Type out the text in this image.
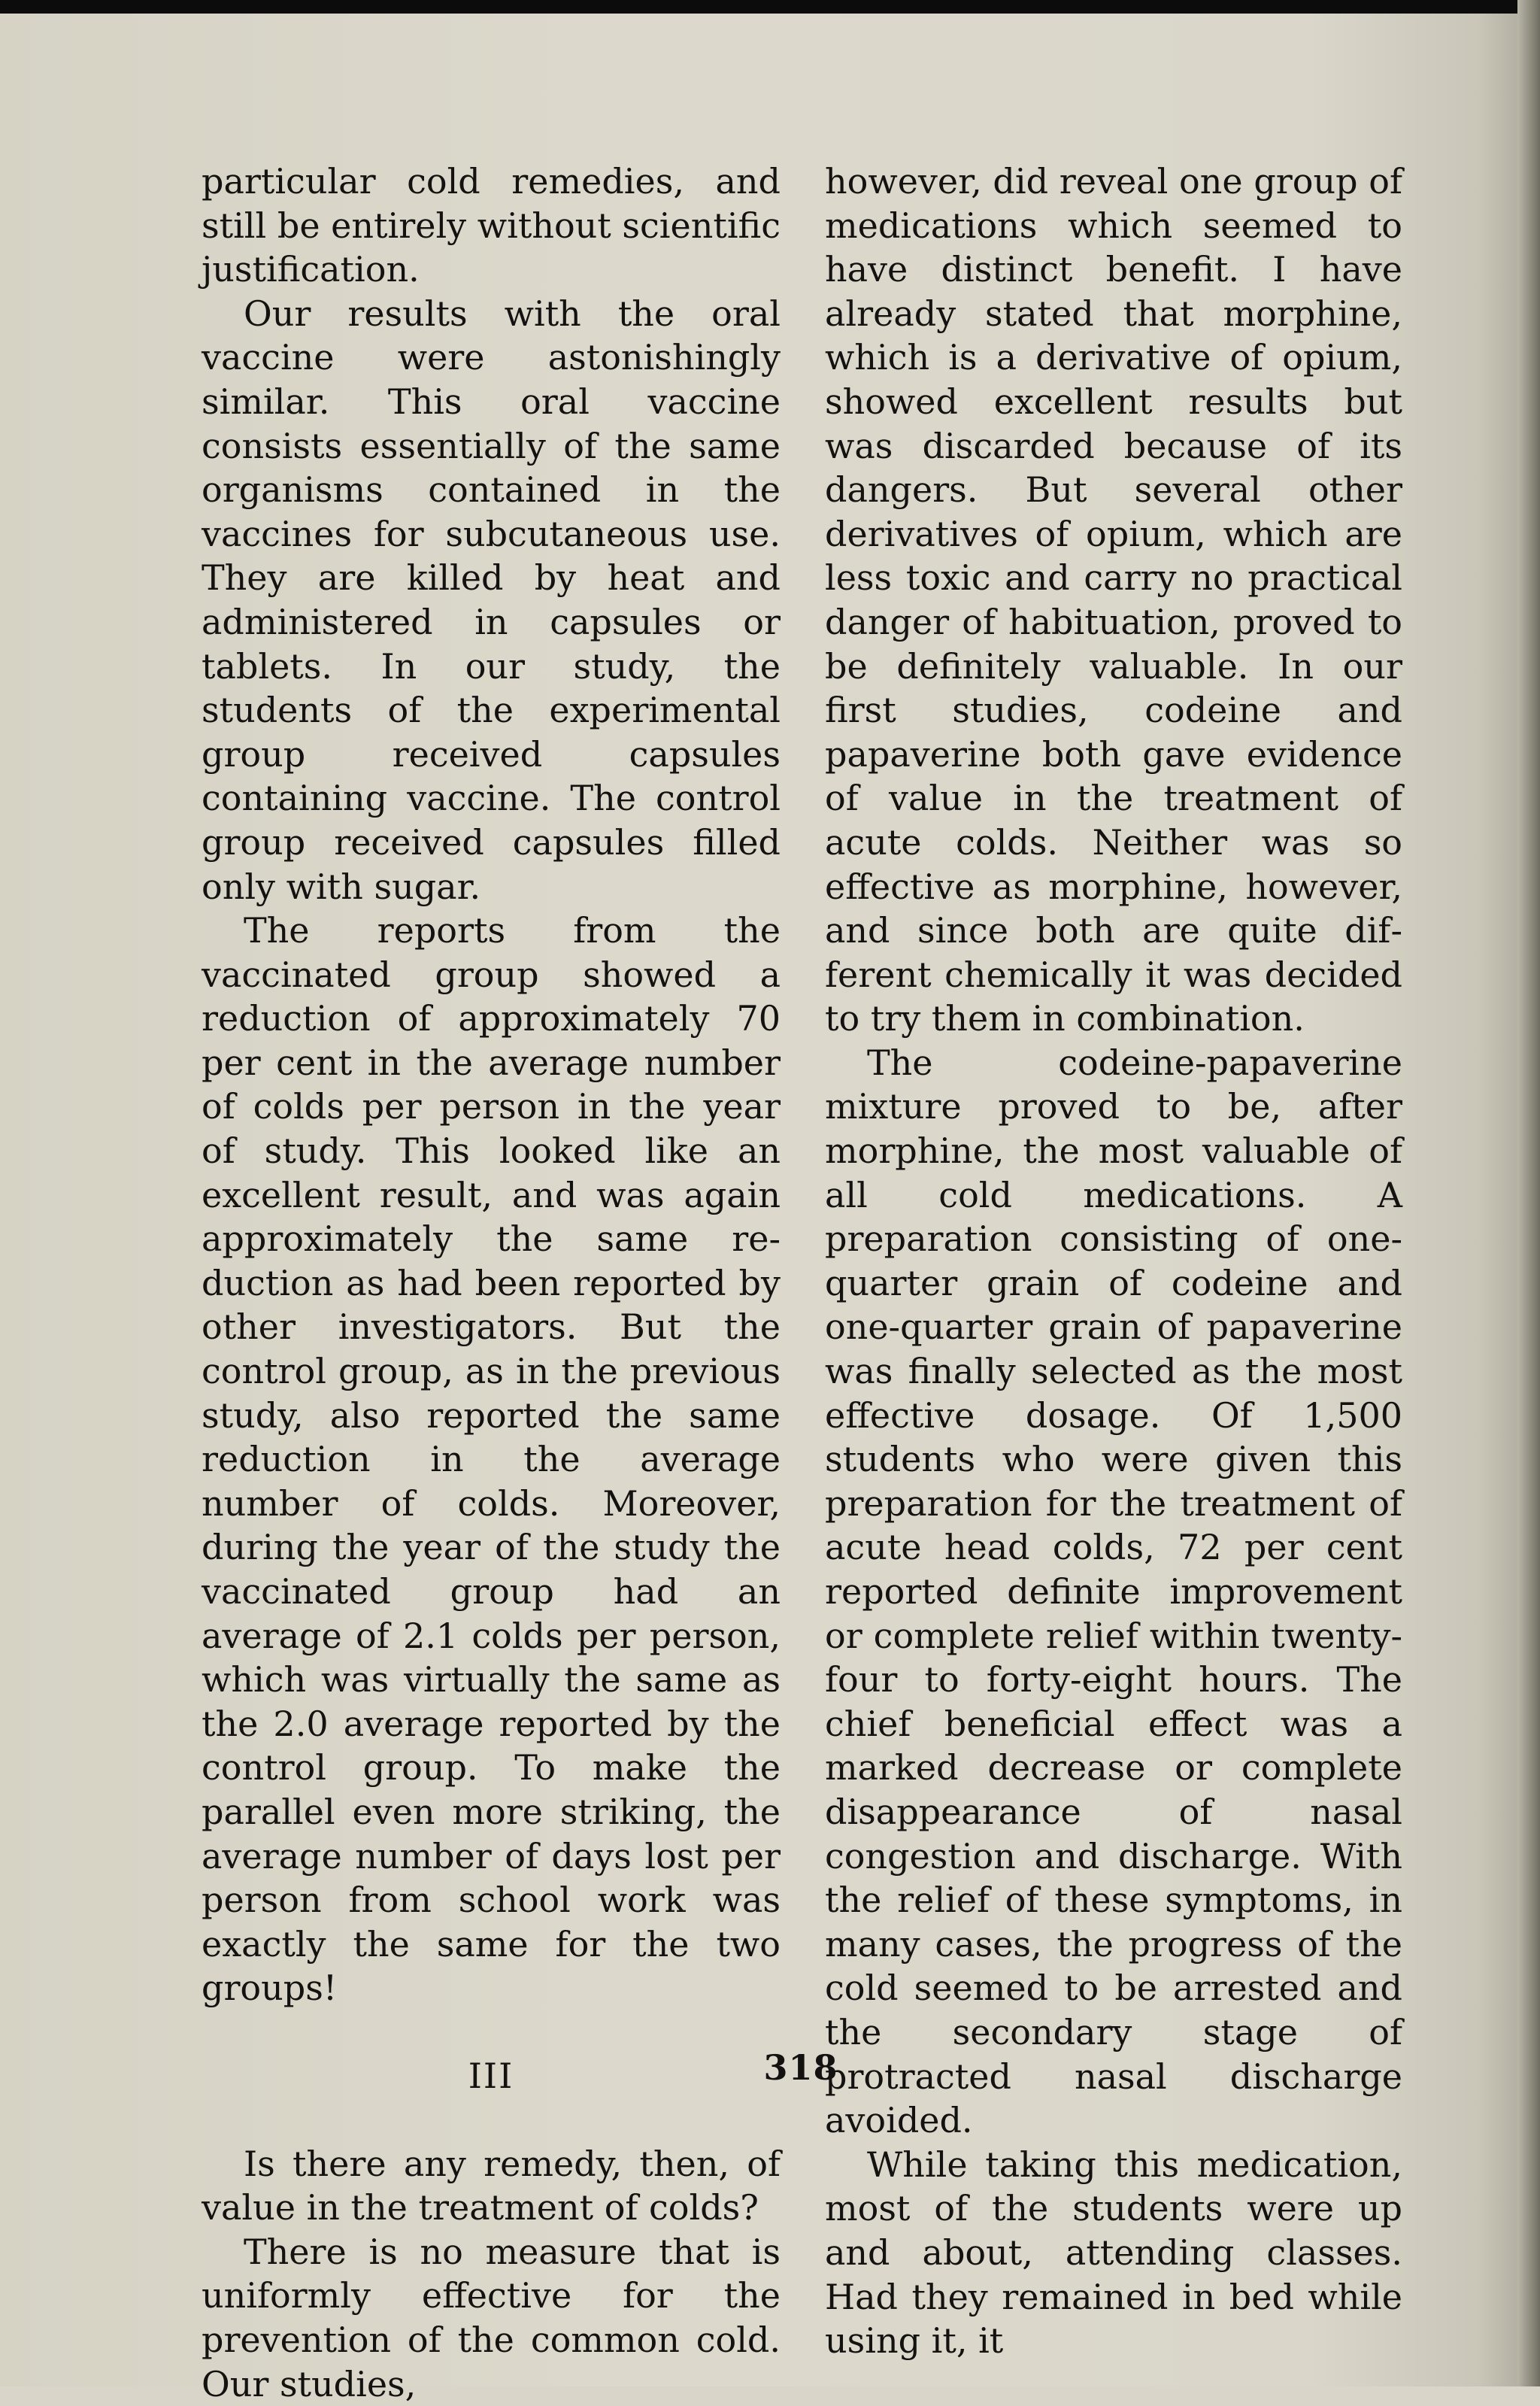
particular cold remedies, and still be entirely without scientific justification.

Our results with the oral vaccine were astonishingly similar. This oral vaccine consists essentially of the same organisms contained in the vaccines for subcutaneous use. They are killed by heat and administered in capsules or tablets. In our study, the students of the experimental group received capsules containing vaccine. The control group received capsules filled only with sugar.

The reports from the vaccinated group showed a reduction of approximately 70 per cent in the average number of colds per person in the year of study. This looked like an excellent result, and was again approximately the same reduction as had been reported by other investigators. But the control group, as in the previous study, also reported the same reduction in the average number of colds. Moreover, during the year of the study the vaccinated group had an average of 2.1 colds per person, which was virtually the same as the 2.0 average reported by the control group. To make the parallel even more striking, the average number of days lost per person from school work was exactly the same for the two groups!

III

Is there any remedy, then, of value in the treatment of colds?

There is no measure that is uniformly effective for the prevention of the common cold. Our studies,

however, did reveal one group of medications which seemed to have distinct benefit. I have already stated that morphine, which is a derivative of opium, showed excellent results but was discarded because of its dangers. But several other derivatives of opium, which are less toxic and carry no practical danger of habituation, proved to be definitely valuable. In our first studies, codeine and papaverine both gave evidence of value in the treatment of acute colds. Neither was so effective as morphine, however, and since both are quite different chemically it was decided to try them in combination.

The codeine-papaverine mixture proved to be, after morphine, the most valuable of all cold medications. A preparation consisting of one-quarter grain of codeine and one-quarter grain of papaverine was finally selected as the most effective dosage. Of 1,500 students who were given this preparation for the treatment of acute head colds, 72 per cent reported definite improvement or complete relief within twenty-four to forty-eight hours. The chief beneficial effect was a marked decrease or complete disappearance of nasal congestion and discharge. With the relief of these symptoms, in many cases, the progress of the cold seemed to be arrested and the secondary stage of protracted nasal discharge avoided.

While taking this medication, most of the students were up and about, attending classes. Had they remained in bed while using it, it

318
